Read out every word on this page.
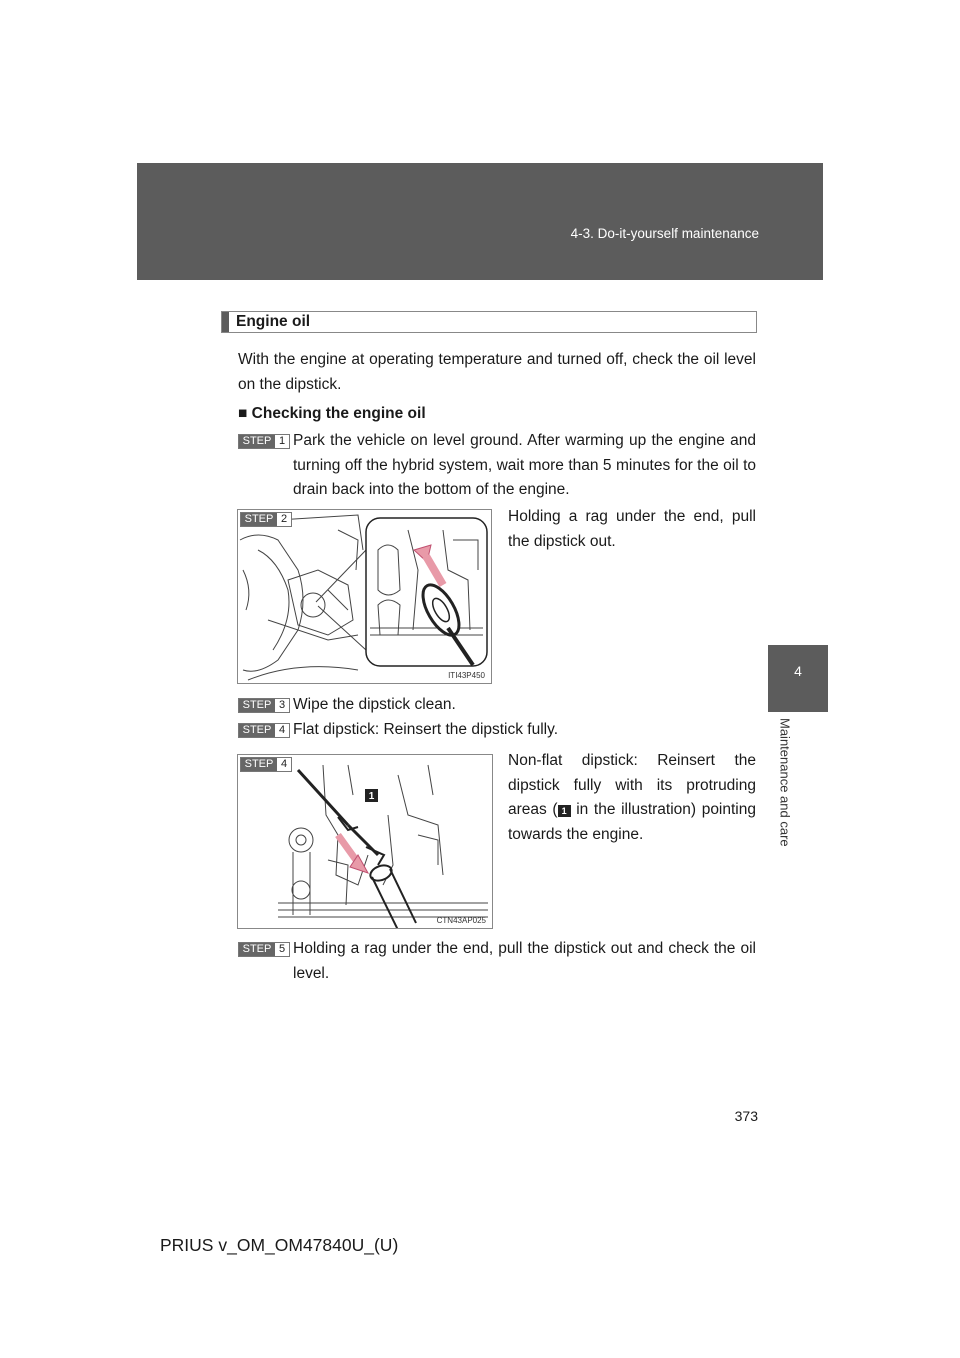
4-3. Do-it-yourself maintenance
4
Maintenance and care
Engine oil
With the engine at operating temperature and turned off, check the oil level on the dipstick.
■ Checking the engine oil
STEP 1 Park the vehicle on level ground. After warming up the engine and turning off the hybrid system, wait more than 5 minutes for the oil to drain back into the bottom of the engine.
ITI43P450
STEP 2	Holding a rag under the end, pull the dipstick out.
STEP 3 Wipe the dipstick clean.
STEP 4 Flat dipstick: Reinsert the dipstick fully.
1
CTN43AP025
STEP 4	Non-flat dipstick: Reinsert the dipstick fully with its protruding areas ( 1 in the illustration) pointing towards the engine.
STEP 5 Holding a rag under the end, pull the dipstick out and check the oil level.
373
PRIUS v_OM_OM47840U_(U)
